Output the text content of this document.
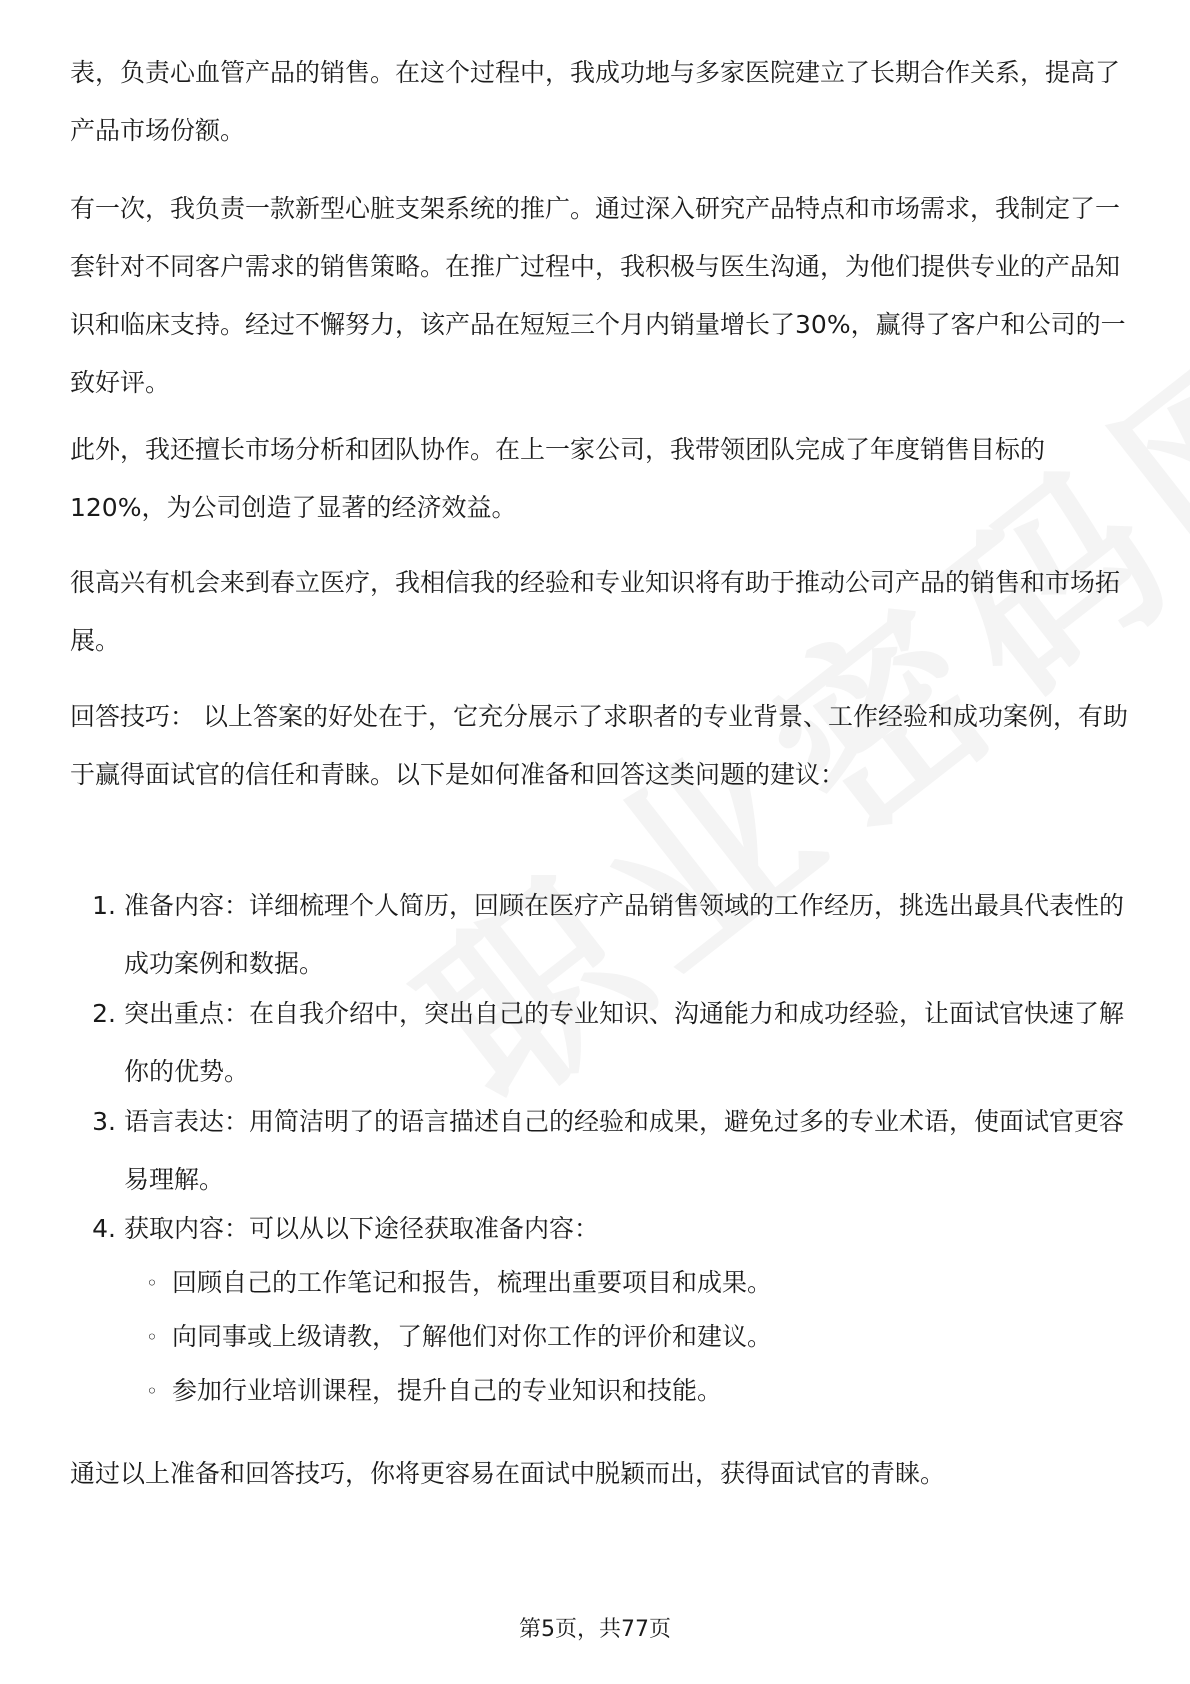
表，负责心血管产品的销售。在这个过程中，我成功地与多家医院建立了长期合作关系，提高了产品市场份额。

有一次，我负责一款新型心脏支架系统的推广。通过深入研究产品特点和市场需求，我制定了一套针对不同客户需求的销售策略。在推广过程中，我积极与医生沟通，为他们提供专业的产品知识和临床支持。经过不懈努力，该产品在短短三个月内销量增长了30%，赢得了客户和公司的一致好评。

此外，我还擅长市场分析和团队协作。在上一家公司，我带领团队完成了年度销售目标的120%，为公司创造了显著的经济效益。

很高兴有机会来到春立医疗，我相信我的经验和专业知识将有助于推动公司产品的销售和市场拓展。

回答技巧： 以上答案的好处在于，它充分展示了求职者的专业背景、工作经验和成功案例，有助于赢得面试官的信任和青睐。以下是如何准备和回答这类问题的建议：

1. 准备内容：详细梳理个人简历，回顾在医疗产品销售领域的工作经历，挑选出最具代表性的成功案例和数据。
2. 突出重点：在自我介绍中，突出自己的专业知识、沟通能力和成功经验，让面试官快速了解你的优势。
3. 语言表达：用简洁明了的语言描述自己的经验和成果，避免过多的专业术语，使面试官更容易理解。
4. 获取内容：可以从以下途径获取准备内容：
◦ 回顾自己的工作笔记和报告，梳理出重要项目和成果。
◦ 向同事或上级请教，了解他们对你工作的评价和建议。
◦ 参加行业培训课程，提升自己的专业知识和技能。

通过以上准备和回答技巧，你将更容易在面试中脱颖而出，获得面试官的青睐。

第5页，共77页
